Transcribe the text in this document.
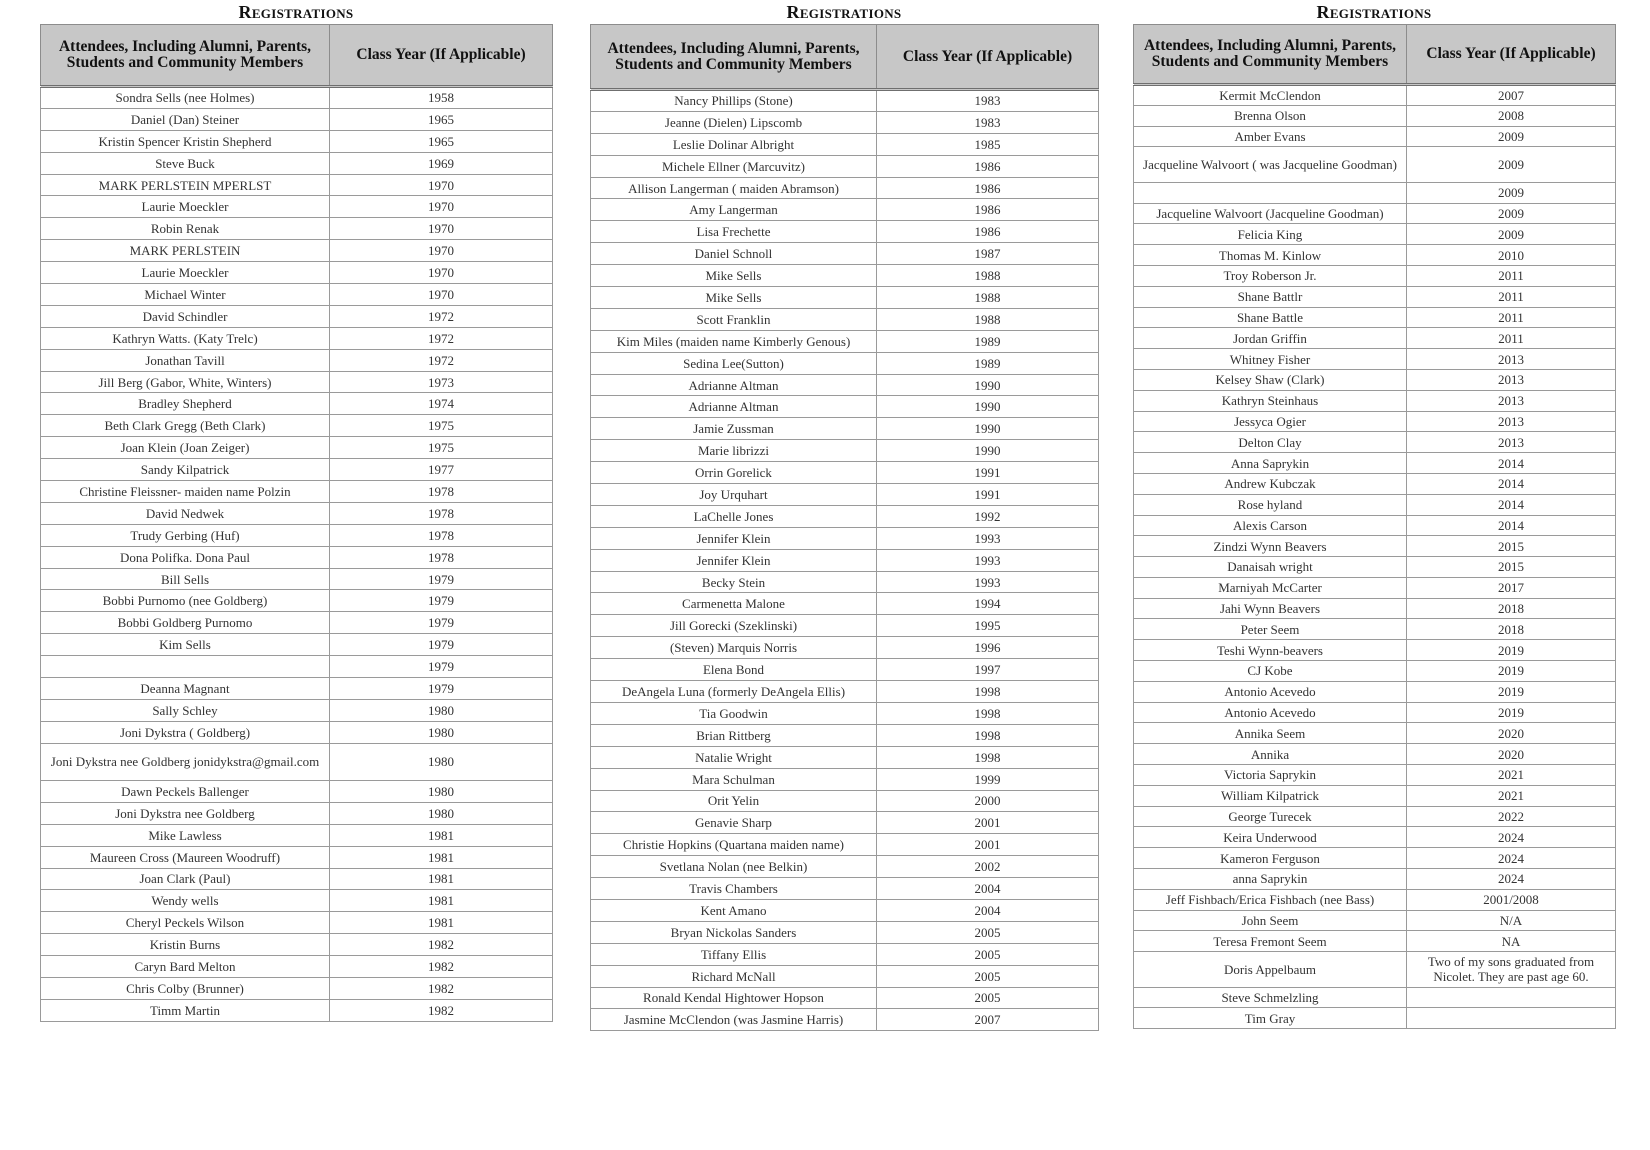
Registrations
Attendees, Including Alumni, Parents, Students and Community Members	Class Year (If Applicable)
Sondra Sells (nee Holmes)	1958
Daniel (Dan) Steiner	1965
Kristin Spencer Kristin Shepherd	1965
Steve Buck	1969
MARK PERLSTEIN MPERLST	1970
Laurie Moeckler	1970
Robin Renak	1970
MARK PERLSTEIN	1970
Laurie Moeckler	1970
Michael Winter	1970
David Schindler	1972
Kathryn Watts. (Katy Trelc)	1972
Jonathan Tavill	1972
Jill Berg (Gabor, White, Winters)	1973
Bradley Shepherd	1974
Beth Clark Gregg (Beth Clark)	1975
Joan Klein (Joan Zeiger)	1975
Sandy Kilpatrick	1977
Christine Fleissner- maiden name Polzin	1978
David Nedwek	1978
Trudy Gerbing (Huf)	1978
Dona Polifka. Dona Paul	1978
Bill Sells	1979
Bobbi Purnomo (nee Goldberg)	1979
Bobbi Goldberg Purnomo	1979
Kim Sells	1979
	1979
Deanna Magnant	1979
Sally Schley	1980
Joni Dykstra ( Goldberg)	1980
Joni Dykstra nee Goldberg jonidykstra@gmail.com	1980
Dawn Peckels Ballenger	1980
Joni Dykstra nee Goldberg	1980
Mike Lawless	1981
Maureen Cross (Maureen Woodruff)	1981
Joan Clark (Paul)	1981
Wendy wells	1981
Cheryl Peckels Wilson	1981
Kristin Burns	1982
Caryn Bard Melton	1982
Chris Colby (Brunner)	1982
Timm Martin	1982
Registrations
Attendees, Including Alumni, Parents, Students and Community Members	Class Year (If Applicable)
Nancy Phillips (Stone)	1983
Jeanne (Dielen) Lipscomb	1983
Leslie Dolinar Albright	1985
Michele Ellner (Marcuvitz)	1986
Allison Langerman ( maiden Abramson)	1986
Amy Langerman	1986
Lisa Frechette	1986
Daniel Schnoll	1987
Mike Sells	1988
Mike Sells	1988
Scott Franklin	1988
Kim Miles (maiden name Kimberly Genous)	1989
Sedina Lee(Sutton)	1989
Adrianne Altman	1990
Adrianne Altman	1990
Jamie Zussman	1990
Marie librizzi	1990
Orrin Gorelick	1991
Joy Urquhart	1991
LaChelle Jones	1992
Jennifer Klein	1993
Jennifer Klein	1993
Becky Stein	1993
Carmenetta Malone	1994
Jill Gorecki (Szeklinski)	1995
(Steven) Marquis Norris	1996
Elena Bond	1997
DeAngela Luna (formerly DeAngela Ellis)	1998
Tia Goodwin	1998
Brian Rittberg	1998
Natalie Wright	1998
Mara Schulman	1999
Orit Yelin	2000
Genavie Sharp	2001
Christie Hopkins (Quartana maiden name)	2001
Svetlana Nolan (nee Belkin)	2002
Travis Chambers	2004
Kent Amano	2004
Bryan Nickolas Sanders	2005
Tiffany Ellis	2005
Richard McNall	2005
Ronald Kendal Hightower Hopson	2005
Jasmine McClendon (was Jasmine Harris)	2007
Registrations
Attendees, Including Alumni, Parents, Students and Community Members	Class Year (If Applicable)
Kermit McClendon	2007
Brenna Olson	2008
Amber Evans	2009
Jacqueline Walvoort ( was Jacqueline Goodman)	2009
	2009
Jacqueline Walvoort (Jacqueline Goodman)	2009
Felicia King	2009
Thomas M. Kinlow	2010
Troy Roberson Jr.	2011
Shane Battlr	2011
Shane Battle	2011
Jordan Griffin	2011
Whitney Fisher	2013
Kelsey Shaw (Clark)	2013
Kathryn Steinhaus	2013
Jessyca Ogier	2013
Delton Clay	2013
Anna Saprykin	2014
Andrew Kubczak	2014
Rose hyland	2014
Alexis Carson	2014
Zindzi Wynn Beavers	2015
Danaisah wright	2015
Marniyah McCarter	2017
Jahi Wynn Beavers	2018
Peter Seem	2018
Teshi Wynn-beavers	2019
CJ Kobe	2019
Antonio Acevedo	2019
Antonio Acevedo	2019
Annika Seem	2020
Annika	2020
Victoria Saprykin	2021
William Kilpatrick	2021
George Turecek	2022
Keira Underwood	2024
Kameron Ferguson	2024
anna Saprykin	2024
Jeff Fishbach/Erica Fishbach (nee Bass)	2001/2008
John Seem	N/A
Teresa Fremont Seem	NA
Doris Appelbaum	Two of my sons graduated from Nicolet. They are past age 60.
Steve Schmelzling	
Tim Gray	
